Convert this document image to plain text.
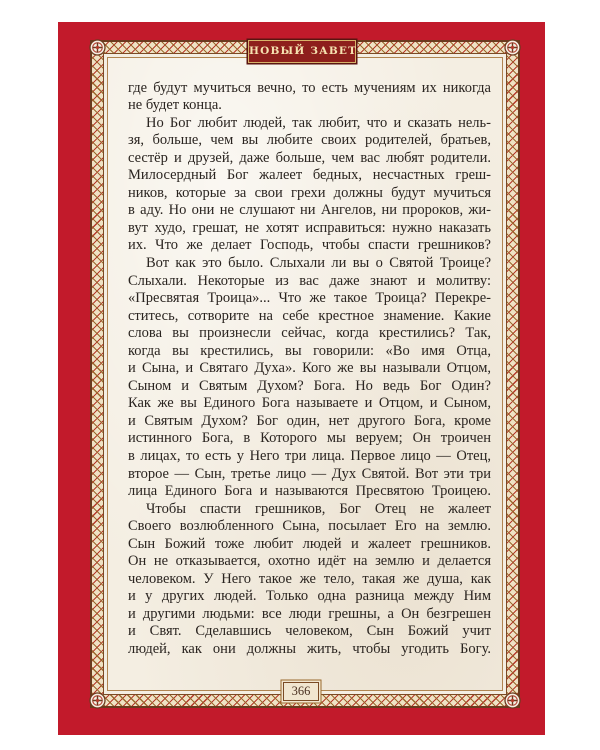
НОВЫЙ ЗАВЕТ
где будут мучиться вечно, то есть мучениям их никогда
не будет конца.
Но Бог любит людей, так любит, что и сказать нель-
зя, больше, чем вы любите своих родителей, братьев,
сестёр и друзей, даже больше, чем вас любят родители.
Милосердный Бог жалеет бедных, несчастных греш-
ников, которые за свои грехи должны будут мучиться
в аду. Но они не слушают ни Ангелов, ни пророков, жи-
вут худо, грешат, не хотят исправиться: нужно наказать
их. Что же делает Господь, чтобы спасти грешников?
Вот как это было. Слыхали ли вы о Святой Троице?
Слыхали. Некоторые из вас даже знают и молитву:
«Пресвятая Троица»... Что же такое Троица? Перекре-
ститесь, сотворите на себе крестное знамение. Какие
слова вы произнесли сейчас, когда крестились? Так,
когда вы крестились, вы говорили: «Во имя Отца,
и Сына, и Святаго Духа». Кого же вы называли Отцом,
Сыном и Святым Духом? Бога. Но ведь Бог Один?
Как же вы Единого Бога называете и Отцом, и Сыном,
и Святым Духом? Бог один, нет другого Бога, кроме
истинного Бога, в Которого мы веруем; Он троичен
в лицах, то есть у Него три лица. Первое лицо — Отец,
второе — Сын, третье лицо — Дух Святой. Вот эти три
лица Единого Бога и называются Пресвятою Троицею.
Чтобы спасти грешников, Бог Отец не жалеет
Своего возлюбленного Сына, посылает Его на землю.
Сын Божий тоже любит людей и жалеет грешников.
Он не отказывается, охотно идёт на землю и делается
человеком. У Него такое же тело, такая же душа, как
и у других людей. Только одна разница между Ним
и другими людьми: все люди грешны, а Он безгрешен
и Свят. Сделавшись человеком, Сын Божий учит
людей, как они должны жить, чтобы угодить Богу.
366
